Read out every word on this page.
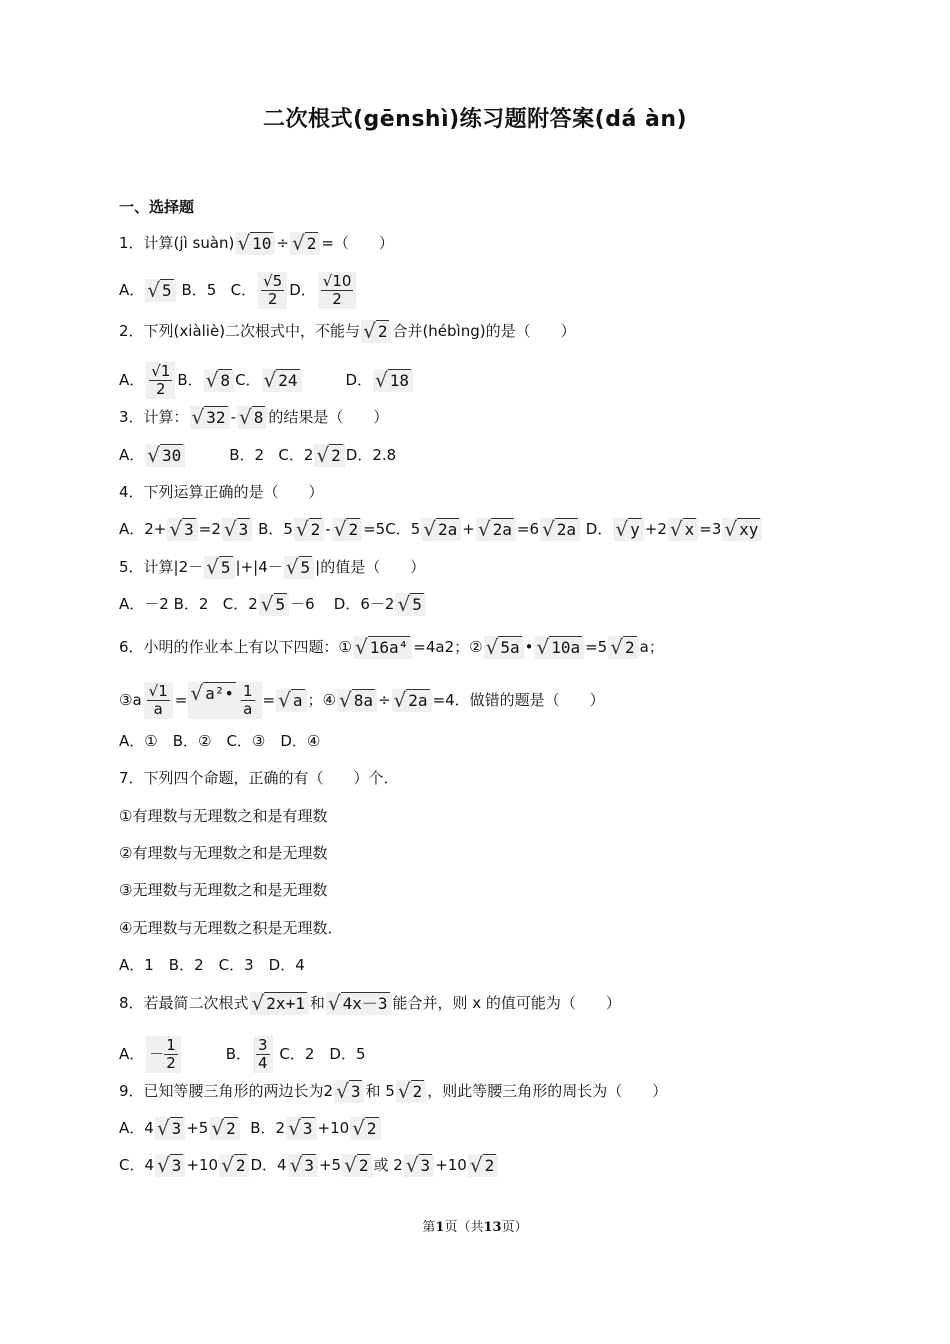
二次根式(gēnshì)练习题附答案(dá àn)
一、选择题
1．计算(jì suàn) √ 10 ÷ √ 2 =（　　）
A． √ 5 B．5 C． $\frac{√5}{2}$ D． $\frac{√10}{2}$
2．下列(xiàliè)二次根式中，不能与 √ 2 合并(hébìng)的是（　　）
A． $\frac{√1}{2}$ B． √ 8 C． √ 24	D． √ 18
3．计算： √ 32 - √ 8 的结果是（　　）
A． √ 30	B．2 C．2 √ 2 D．2.8
4．下列运算正确的是（　　）
A．2+ √ 3 =2 √ 3 B．5 √ 2 - √ 2 =5C．5 √ 2a + √ 2a =6 √ 2a D． √ y +2 √ x =3 √ xy
5．计算|2－ √ 5 |+|4－ √ 5 |的值是（　　）
A．－2 B．2 C．2 √ 5 －6 D．6－2 √ 5
6．小明的作业本上有以下四题：① √ 16a⁴ =4a2；② √ 5a • √ 10a =5 √ 2 a；
③a $\frac{√1}{a}$ = √ a²• $\frac{1}{a}$ = √ a ；④ √ 8a ÷ √ 2a =4．做错的题是（　　）
A．①　B．②　C．③　D．④
7．下列四个命题，正确的有（　　）个．
①有理数与无理数之和是有理数
②有理数与无理数之和是无理数
③无理数与无理数之和是无理数
④无理数与无理数之积是无理数．
A．1　B．2　C．3　D．4
8．若最简二次根式 √ 2x+1 和 √ 4x－3 能合并，则 x 的值可能为（　　）
A． － 1
2	B． $\frac{3}{4}$ C．2　D．5
9．已知等腰三角形的两边长为2 √ 3 和 5 √ 2 ，则此等腰三角形的周长为（　　）
A．4 √ 3 +5 √ 2 B．2 √ 3 +10 √ 2
C．4 √ 3 +10 √ 2 D．4 √ 3 +5 √ 2 或 2 √ 3 +10 √ 2
第1页（共13页）
